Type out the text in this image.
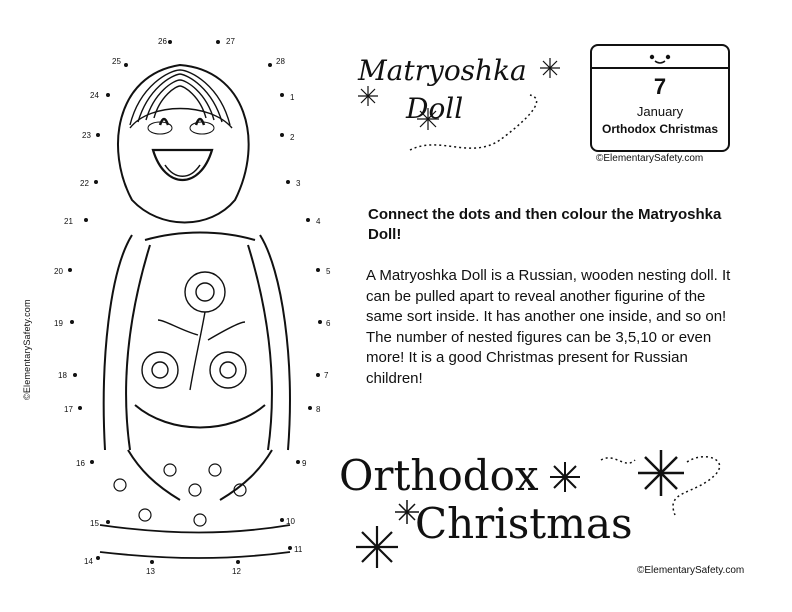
©ElementarySafety.com
1
2
3
4
5
6
7
8
9
10
11
12
13
14
15
16
17
18
19
20
21
22
23
24
25
26	27
28	Matryoshka
Doll
7
January
Orthodox Christmas
©ElementarySafety.com
Connect the dots and then colour the Matryoshka Doll!
A Matryoshka Doll is a Russian, wooden nesting doll. It can be pulled apart to reveal another figurine of the same sort inside. It has another one inside, and so on! The number of nested figures can be 3,5,10 or even more! It is a good Christmas present for Russian children!
Orthodox
Christmas
©ElementarySafety.com
